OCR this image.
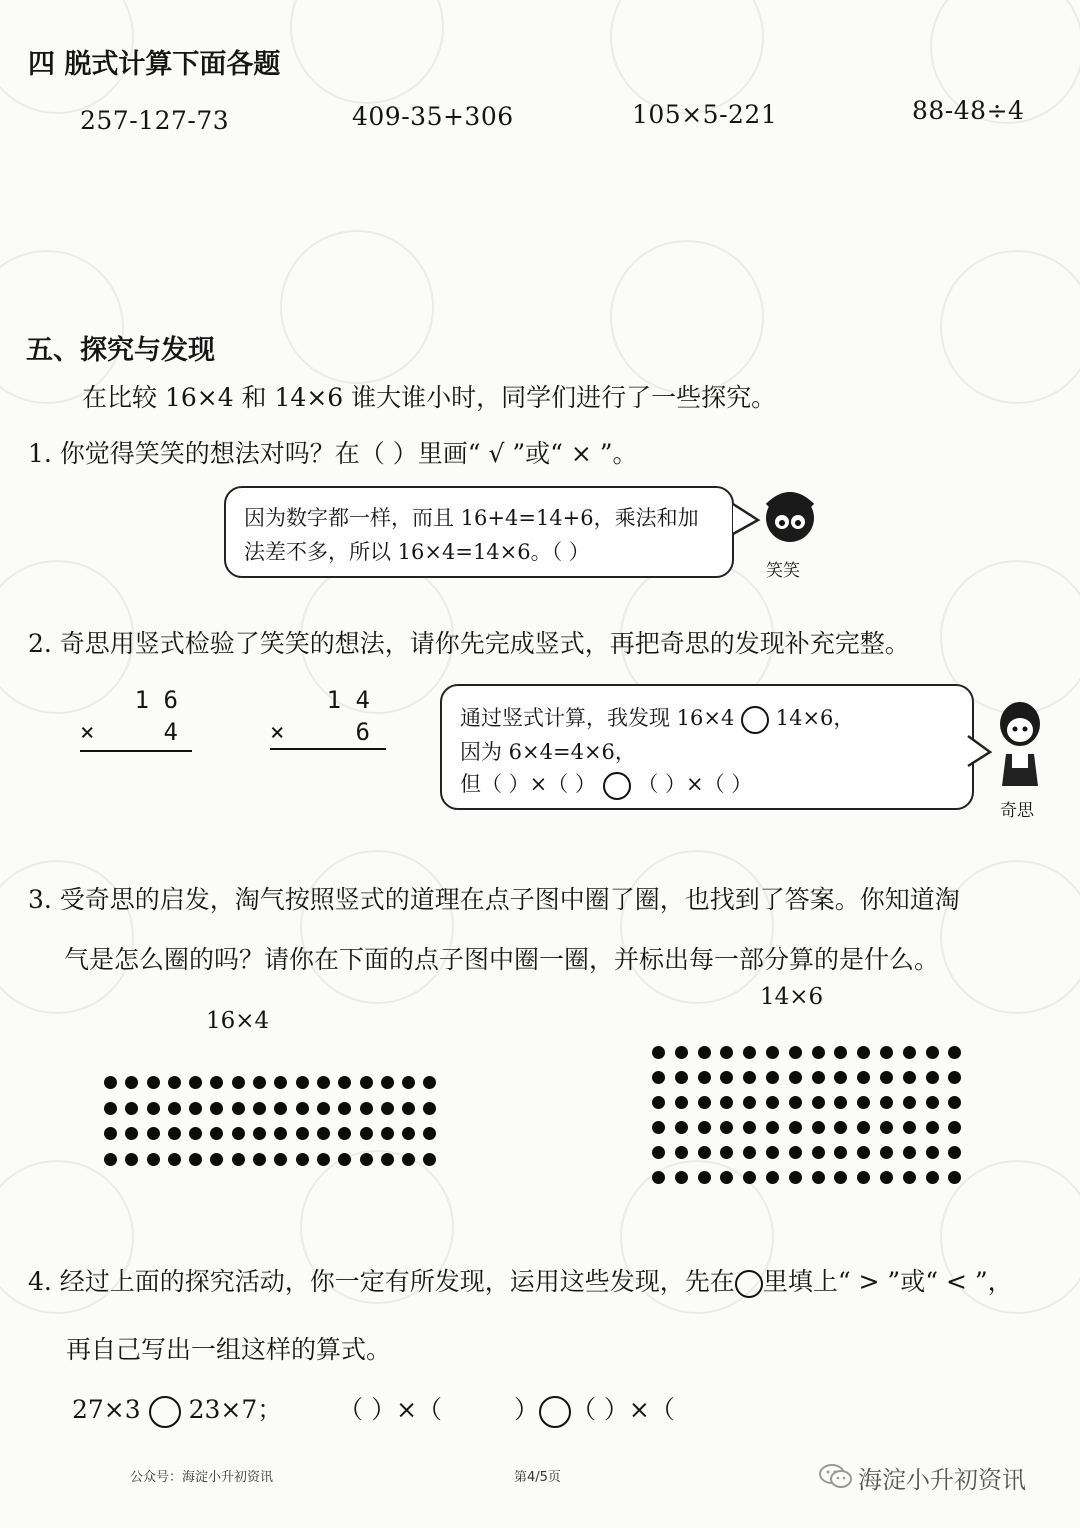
四 脱式计算下面各题
257-127-73	409-35+306	105×5-221	88-48÷4
五、探究与发现
在比较 16×4 和 14×6 谁大谁小时，同学们进行了一些探究。
1. 你觉得笑笑的想法对吗？在（ ）里画“ √ ”或“ × ”。
因为数字都一样，而且 16+4=14+6，乘法和加
法差不多，所以 16×4=14×6。（ ）
笑笑
2. 奇思用竖式检验了笑笑的想法，请你先完成竖式，再把奇思的发现补充完整。
1 6
×	4
1 4
×	6	通过竖式计算，我发现 16×4 14×6，
因为 6×4=4×6，
但（ ）×（ ） （ ）×（ ）
奇思
3. 受奇思的启发，淘气按照竖式的道理在点子图中圈了圈，也找到了答案。你知道淘
气是怎么圈的吗？请你在下面的点子图中圈一圈，并标出每一部分算的是什么。
16×4
14×6
4. 经过上面的探究活动，你一定有所发现，运用这些发现，先在 里填上“ > ”或“ < ”，
再自己写出一组这样的算式。
27×3 23×7； （ ）×（	） （ ）×（
公众号：海淀小升初资讯	第4/5页	海淀小升初资讯
